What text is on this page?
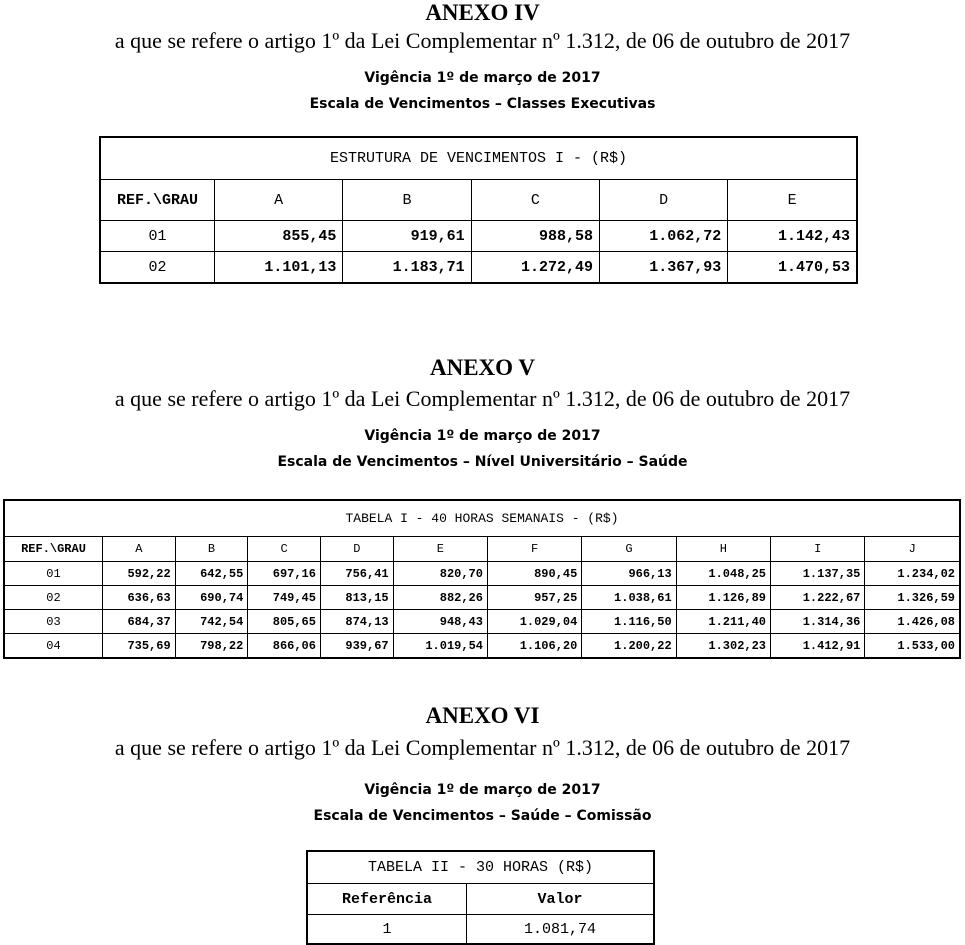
ANEXO IV
a que se refere o artigo 1º da Lei Complementar nº 1.312, de 06 de outubro de 2017
Vigência 1º de março de 2017
Escala de Vencimentos – Classes Executivas
ESTRUTURA DE VENCIMENTOS I - (R$)					
REF.\GRAU	A	B	C	D	E
01	855,45	919,61	988,58	1.062,72	1.142,43
02	1.101,13	1.183,71	1.272,49	1.367,93	1.470,53
ANEXO V
a que se refere o artigo 1º da Lei Complementar nº 1.312, de 06 de outubro de 2017
Vigência 1º de março de 2017
Escala de Vencimentos – Nível Universitário – Saúde
TABELA I - 40 HORAS SEMANAIS - (R$)										
REF.\GRAU	A	B	C	D	E	F	G	H	I	J
01	592,22	642,55	697,16	756,41	820,70	890,45	966,13	1.048,25	1.137,35	1.234,02
02	636,63	690,74	749,45	813,15	882,26	957,25	1.038,61	1.126,89	1.222,67	1.326,59
03	684,37	742,54	805,65	874,13	948,43	1.029,04	1.116,50	1.211,40	1.314,36	1.426,08
04	735,69	798,22	866,06	939,67	1.019,54	1.106,20	1.200,22	1.302,23	1.412,91	1.533,00
ANEXO VI
a que se refere o artigo 1º da Lei Complementar nº 1.312, de 06 de outubro de 2017
Vigência 1º de março de 2017
Escala de Vencimentos – Saúde – Comissão
TABELA II - 30 HORAS (R$)	
Referência	Valor
1	1.081,74
